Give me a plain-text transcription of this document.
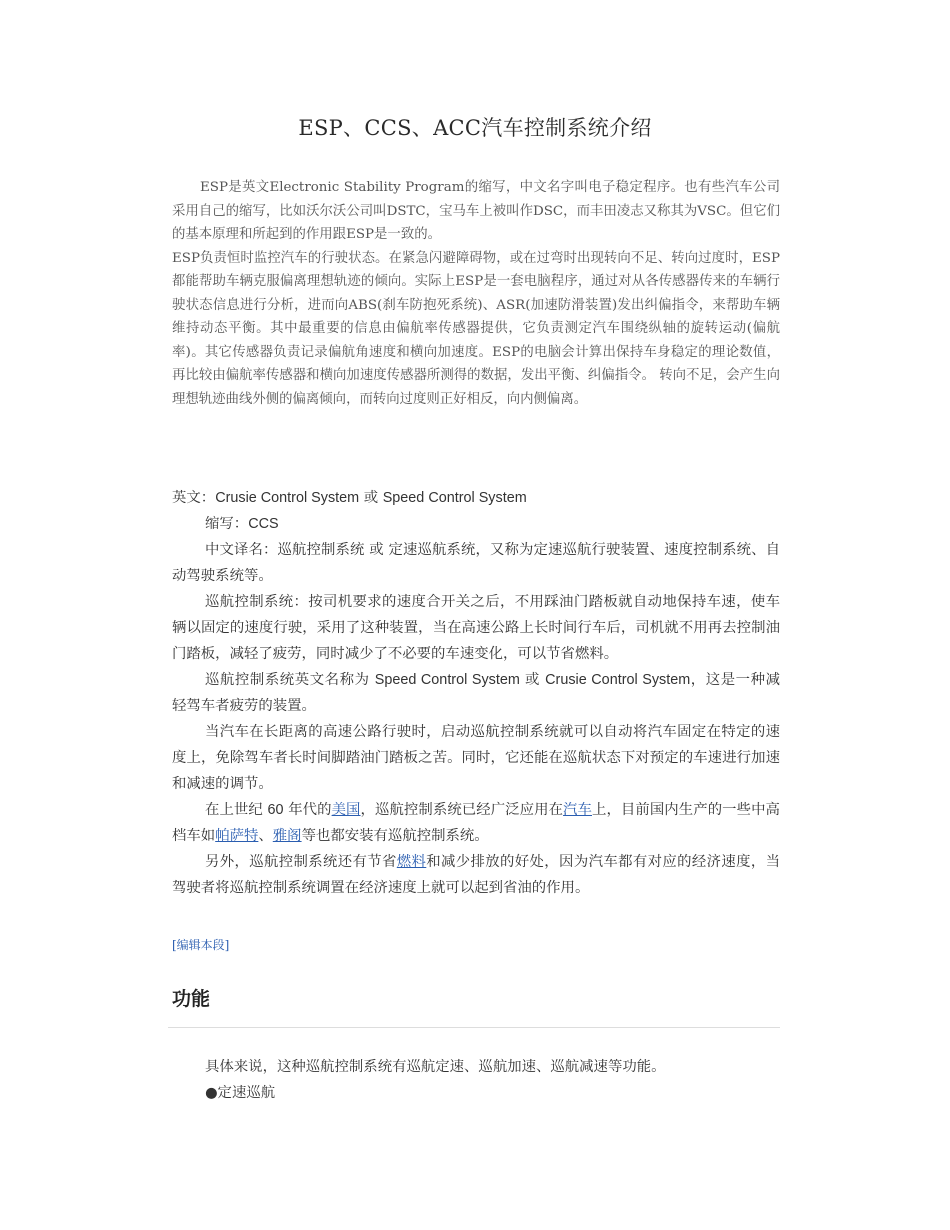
ESP、CCS、ACC汽车控制系统介绍

ESP是英文Electronic Stability Program的缩写，中文名字叫电子稳定程序。也有些汽车公司采用自己的缩写，比如沃尔沃公司叫DSTC，宝马车上被叫作DSC，而丰田凌志又称其为VSC。但它们的基本原理和所起到的作用跟ESP是一致的。

ESP负责恒时监控汽车的行驶状态。在紧急闪避障碍物，或在过弯时出现转向不足、转向过度时，ESP都能帮助车辆克服偏离理想轨迹的倾向。实际上ESP是一套电脑程序，通过对从各传感器传来的车辆行驶状态信息进行分析，进而向ABS(刹车防抱死系统)、ASR(加速防滑装置)发出纠偏指令，来帮助车辆维持动态平衡。其中最重要的信息由偏航率传感器提供，它负责测定汽车围绕纵轴的旋转运动(偏航率)。其它传感器负责记录偏航角速度和横向加速度。ESP的电脑会计算出保持车身稳定的理论数值，再比较由偏航率传感器和横向加速度传感器所测得的数据，发出平衡、纠偏指令。 转向不足，会产生向理想轨迹曲线外侧的偏离倾向，而转向过度则正好相反，向内侧偏离。

英文：Crusie Control System 或 Speed Control System

缩写：CCS

中文译名：巡航控制系统 或 定速巡航系统，又称为定速巡航行驶装置、速度控制系统、自动驾驶系统等。

巡航控制系统：按司机要求的速度合开关之后，不用踩油门踏板就自动地保持车速，使车辆以固定的速度行驶，采用了这种装置，当在高速公路上长时间行车后，司机就不用再去控制油门踏板，减轻了疲劳，同时减少了不必要的车速变化，可以节省燃料。

巡航控制系统英文名称为 Speed Control System 或 Crusie Control System，这是一种减轻驾车者疲劳的装置。

当汽车在长距离的高速公路行驶时，启动巡航控制系统就可以自动将汽车固定在特定的速度上，免除驾车者长时间脚踏油门踏板之苦。同时，它还能在巡航状态下对预定的车速进行加速和减速的调节。

在上世纪 60 年代的美国，巡航控制系统已经广泛应用在汽车上，目前国内生产的一些中高档车如帕萨特、雅阁等也都安装有巡航控制系统。

另外，巡航控制系统还有节省燃料和减少排放的好处，因为汽车都有对应的经济速度，当驾驶者将巡航控制系统调置在经济速度上就可以起到省油的作用。

[编辑本段]
功能

具体来说，这种巡航控制系统有巡航定速、巡航加速、巡航减速等功能。

●定速巡航
